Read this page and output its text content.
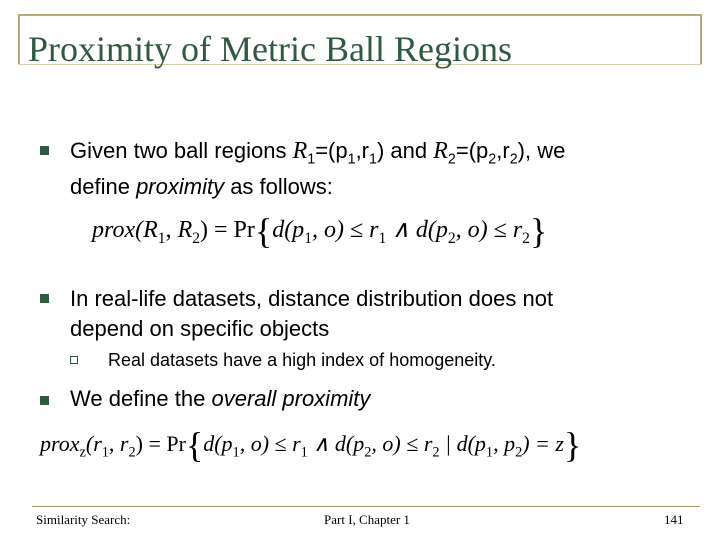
Proximity of Metric Ball Regions
Given two ball regions $R_1=(p_1,r_1)$ and $R_2=(p_2,r_2)$, we
define proximity as follows:
$prox(R_1$, $R_2) = Pr\{d(p_1$, $o) \le r_1$ ∧ $d(p_2$, $o) \le r_2$}
In real-life datasets, distance distribution does not
depend on specific objects
Real datasets have a high index of homogeneity.
We define the overall proximity
$prox_z(r_1$, $r_2) = Pr\{d(p_1$, $o) \le r_1$ ∧ $d(p_2$, $o) \le r_2$ | $d(p_1$, $p_2) = z$}
Similarity Search:	Part I, Chapter 1	141
